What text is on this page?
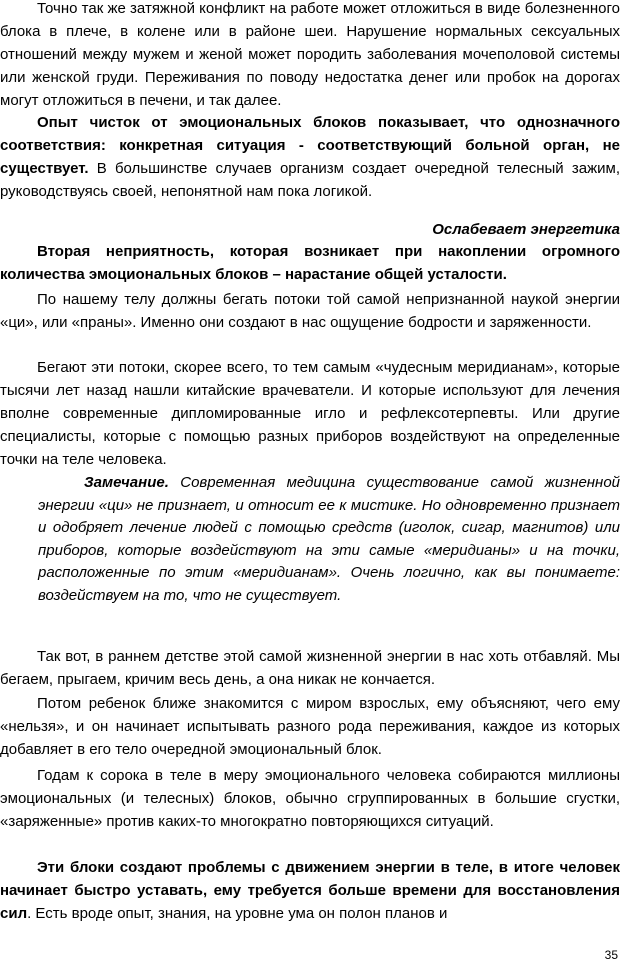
Точно так же затяжной конфликт на работе может отложиться в виде болезненного блока в плече, в колене или в районе шеи. Нарушение нормальных сексуальных отношений между мужем и женой может породить заболевания мочеполовой системы или женской груди. Переживания по поводу недостатка денег или пробок на дорогах могут отложиться в печени, и так далее.

Опыт чисток от эмоциональных блоков показывает, что однозначного соответствия: конкретная ситуация - соответствующий больной орган, не существует. В большинстве случаев организм создает очередной телесный зажим, руководствуясь своей, непонятной нам пока логикой.

Ослабевает энергетика

Вторая неприятность, которая возникает при накоплении огромного количества эмоциональных блоков – нарастание общей усталости.

По нашему телу должны бегать потоки той самой непризнанной наукой энергии «ци», или «праны». Именно они создают в нас ощущение бодрости и заряженности.

Бегают эти потоки, скорее всего, то тем самым «чудесным меридианам», которые тысячи лет назад нашли китайские врачеватели. И которые используют для лечения вполне современные дипломированные игло и рефлексотерпевты. Или другие специалисты, которые с помощью разных приборов воздействуют на определенные точки на теле человека.

Замечание. Современная медицина существование самой жизненной энергии «ци» не признает, и относит ее к мистике. Но одновременно признает и одобряет лечение людей с помощью средств (иголок, сигар, магнитов) или приборов, которые воздействуют на эти самые «меридианы» и на точки, расположенные по этим «меридианам». Очень логично, как вы понимаете: воздействуем на то, что не существует.

Так вот, в раннем детстве этой самой жизненной энергии в нас хоть отбавляй. Мы бегаем, прыгаем, кричим весь день, а она никак не кончается.

Потом ребенок ближе знакомится с миром взрослых, ему объясняют, чего ему «нельзя», и он начинает испытывать разного рода переживания, каждое из которых добавляет в его тело очередной эмоциональный блок.

Годам к сорока в теле в меру эмоционального человека собираются миллионы эмоциональных (и телесных) блоков, обычно сгруппированных в большие сгустки, «заряженные» против каких-то многократно повторяющихся ситуаций.

Эти блоки создают проблемы с движением энергии в теле, в итоге человек начинает быстро уставать, ему требуется больше времени для восстановления сил. Есть вроде опыт, знания, на уровне ума он полон планов и

35
